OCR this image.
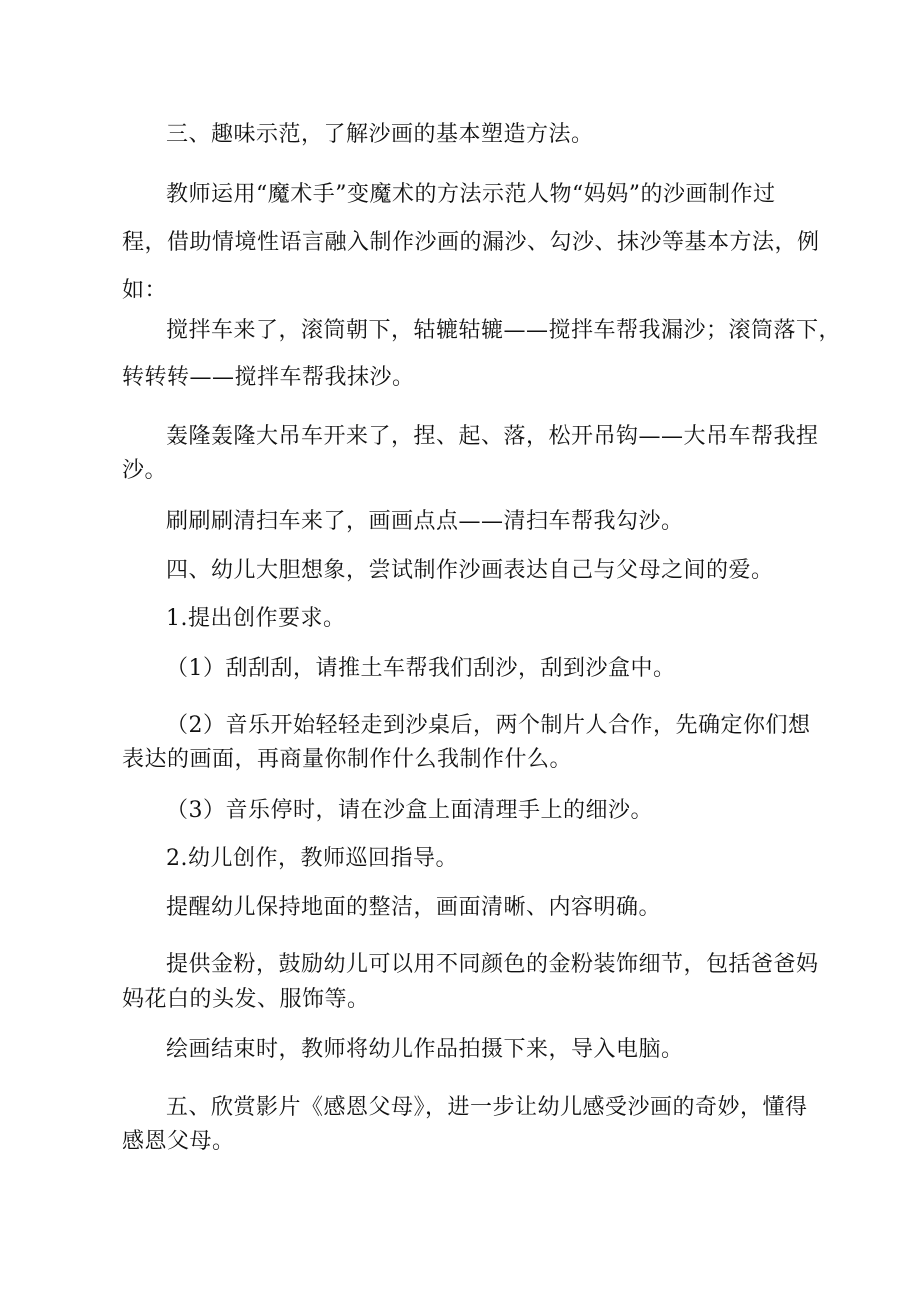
三、趣味示范，了解沙画的基本塑造方法。
教师运用“魔术手”变魔术的方法示范人物“妈妈”的沙画制作过
程，借助情境性语言融入制作沙画的漏沙、勾沙、抹沙等基本方法，例
如：
搅拌车来了，滚筒朝下，轱辘轱辘——搅拌车帮我漏沙；滚筒落下，
转转转——搅拌车帮我抹沙。
轰隆轰隆大吊车开来了，捏、起、落，松开吊钩——大吊车帮我捏
沙。
刷刷刷清扫车来了，画画点点——清扫车帮我勾沙。
四、幼儿大胆想象，尝试制作沙画表达自己与父母之间的爱。
1.提出创作要求。
（1）刮刮刮，请推土车帮我们刮沙，刮到沙盒中。
（2）音乐开始轻轻走到沙桌后，两个制片人合作，先确定你们想
表达的画面，再商量你制作什么我制作什么。
（3）音乐停时，请在沙盒上面清理手上的细沙。
2.幼儿创作，教师巡回指导。
提醒幼儿保持地面的整洁，画面清晰、内容明确。
提供金粉，鼓励幼儿可以用不同颜色的金粉装饰细节，包括爸爸妈
妈花白的头发、服饰等。
绘画结束时，教师将幼儿作品拍摄下来，导入电脑。
五、欣赏影片《感恩父母》，进一步让幼儿感受沙画的奇妙，懂得
感恩父母。
